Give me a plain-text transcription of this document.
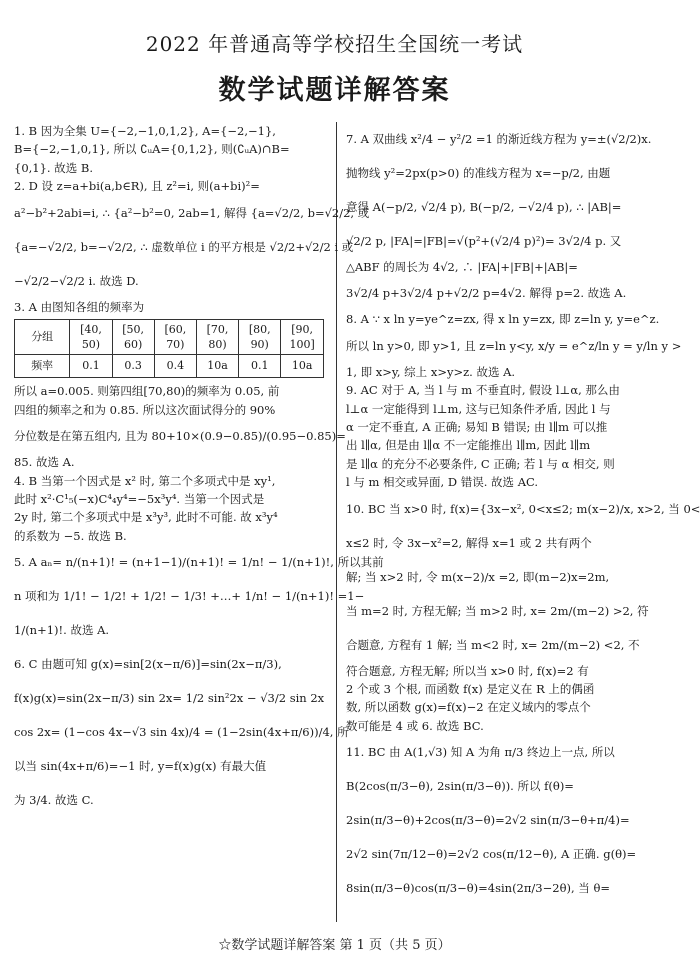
2022 年普通高等学校招生全国统一考试
数学试题详解答案
1. B 因为全集 U={−2,−1,0,1,2}, A={−2,−1},
B={−2,−1,0,1}, 所以 ∁ᵤA={0,1,2}, 则(∁ᵤA)∩B=
{0,1}. 故选 B.
2. D 设 z=a+bi(a,b∈R), 且 z²=i, 则(a+bi)²=
a²−b²+2abi=i, ∴ {a²−b²=0, 2ab=1, 解得 {a=√2/2, b=√2/2, 或
{a=−√2/2, b=−√2/2, ∴ 虚数单位 i 的平方根是 √2/2+√2/2 i 或
−√2/2−√2/2 i. 故选 D.
3. A 由图知各组的频率为
分组	[40, 50)	[50, 60)	[60, 70)	[70, 80)	[80, 90)	[90, 100]
频率	0.1	0.3	0.4	10a	0.1	10a
所以 a=0.005. 则第四组[70,80)的频率为 0.05, 前
四组的频率之和为 0.85. 所以这次面试得分的 90%
分位数是在第五组内, 且为 80+10×(0.9−0.85)/(0.95−0.85)=
85. 故选 A.
4. B 当第一个因式是 x² 时, 第二个多项式中是 xy¹,
此时 x²·C¹₅(−x)C⁴₄y⁴=−5x³y⁴. 当第一个因式是
2y 时, 第二个多项式中是 x³y³, 此时不可能. 故 x³y⁴
的系数为 −5. 故选 B.
5. A aₙ= n/(n+1)! = (n+1−1)/(n+1)! = 1/n! − 1/(n+1)!, 所以其前
n 项和为 1/1! − 1/2! + 1/2! − 1/3! +…+ 1/n! − 1/(n+1)! =1−
1/(n+1)!. 故选 A.
6. C 由题可知 g(x)=sin[2(x−π/6)]=sin(2x−π/3),
f(x)g(x)=sin(2x−π/3) sin 2x= 1/2 sin²2x − √3/2 sin 2x
cos 2x= (1−cos 4x−√3 sin 4x)/4 = (1−2sin(4x+π/6))/4, 所
以当 sin(4x+π/6)=−1 时, y=f(x)g(x) 有最大值
为 3/4. 故选 C.
7. A 双曲线 x²/4 − y²/2 =1 的渐近线方程为 y=±(√2/2)x.
抛物线 y²=2px(p>0) 的准线方程为 x=−p/2, 由题
意得 A(−p/2, √2/4 p), B(−p/2, −√2/4 p), ∴ |AB|=
√2/2 p, |FA|=|FB|=√(p²+(√2/4 p)²)= 3√2/4 p. 又
△ABF 的周长为 4√2, ∴ |FA|+|FB|+|AB|=
3√2/4 p+3√2/4 p+√2/2 p=4√2. 解得 p=2. 故选 A.
8. A ∵ x ln y=ye^z=zx, 得 x ln y=zx, 即 z=ln y, y=e^z.
所以 ln y>0, 即 y>1, 且 z=ln y<y, x/y = e^z/ln y = y/ln y >
1, 即 x>y, 综上 x>y>z. 故选 A.
9. AC 对于 A, 当 l 与 m 不垂直时, 假设 l⊥α, 那么由
l⊥α 一定能得到 l⊥m, 这与已知条件矛盾, 因此 l 与
α 一定不垂直, A 正确; 易知 B 错误; 由 l∥m 可以推
出 l∥α, 但是由 l∥α 不一定能推出 l∥m, 因此 l∥m
是 l∥α 的充分不必要条件, C 正确; 若 l 与 α 相交, 则
l 与 m 相交或异面, D 错误. 故选 AC.
10. BC 当 x>0 时, f(x)={3x−x², 0<x≤2; m(x−2)/x, x>2, 当 0<
x≤2 时, 令 3x−x²=2, 解得 x=1 或 2 共有两个
解; 当 x>2 时, 令 m(x−2)/x =2, 即(m−2)x=2m,
当 m=2 时, 方程无解; 当 m>2 时, x= 2m/(m−2) >2, 符
合题意, 方程有 1 解; 当 m<2 时, x= 2m/(m−2) <2, 不
符合题意, 方程无解; 所以当 x>0 时, f(x)=2 有
2 个或 3 个根, 而函数 f(x) 是定义在 R 上的偶函
数, 所以函数 g(x)=f(x)−2 在定义域内的零点个
数可能是 4 或 6. 故选 BC.
11. BC 由 A(1,√3) 知 A 为角 π/3 终边上一点, 所以
B(2cos(π/3−θ), 2sin(π/3−θ)). 所以 f(θ)=
2sin(π/3−θ)+2cos(π/3−θ)=2√2 sin(π/3−θ+π/4)=
2√2 sin(7π/12−θ)=2√2 cos(π/12−θ), A 正确. g(θ)=
8sin(π/3−θ)cos(π/3−θ)=4sin(2π/3−2θ), 当 θ=
☆数学试题详解答案 第 1 页（共 5 页）
